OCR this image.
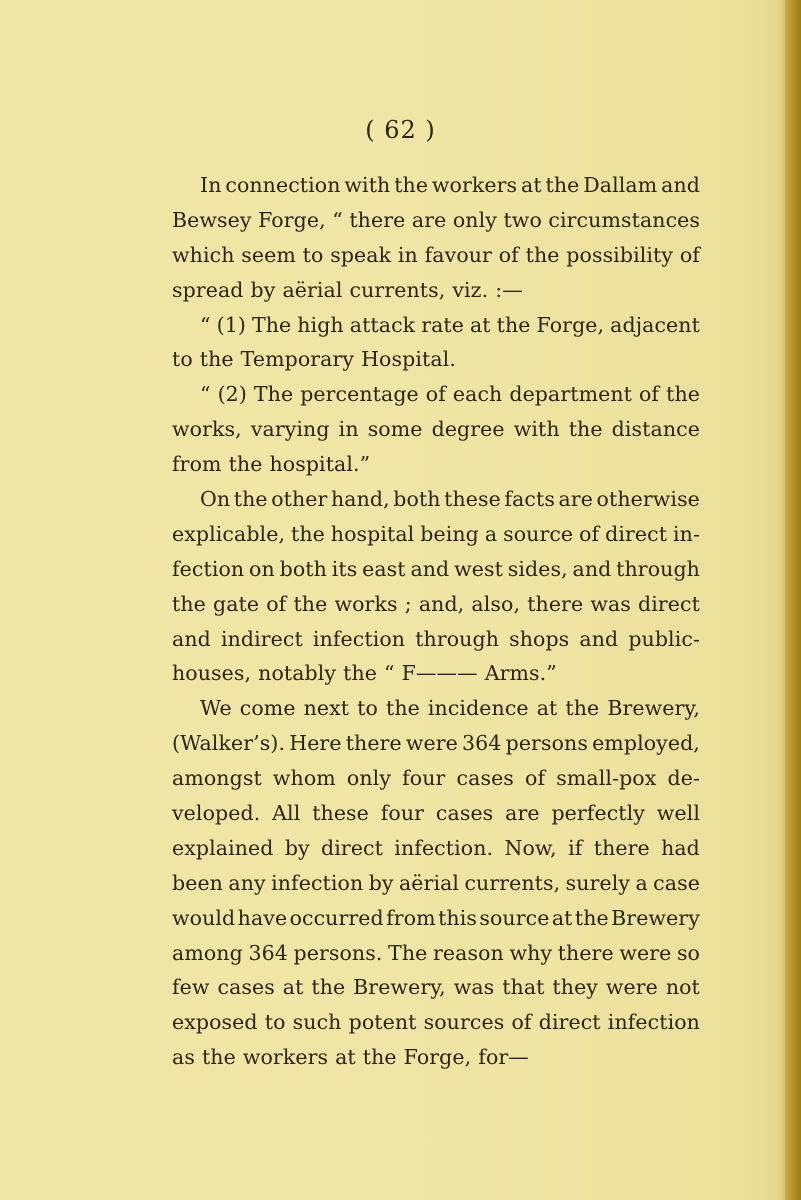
( 62 )
In connection with the workers at the Dallam and
Bewsey Forge, “ there are only two circumstances
which seem to speak in favour of the possibility of
spread by aërial currents, viz. :—
“ (1) The high attack rate at the Forge, adjacent
to the Temporary Hospital.
“ (2) The percentage of each department of the
works, varying in some degree with the distance
from the hospital.”
On the other hand, both these facts are otherwise
explicable, the hospital being a source of direct in-
fection on both its east and west sides, and through
the gate of the works ; and, also, there was direct
and indirect infection through shops and public-
houses, notably the “ F——— Arms.”
We come next to the incidence at the Brewery,
(Walker’s). Here there were 364 persons employed,
amongst whom only four cases of small-pox de-
veloped. All these four cases are perfectly well
explained by direct infection. Now, if there had
been any infection by aërial currents, surely a case
would have occurred from this source at the Brewery
among 364 persons. The reason why there were so
few cases at the Brewery, was that they were not
exposed to such potent sources of direct infection
as the workers at the Forge, for—
